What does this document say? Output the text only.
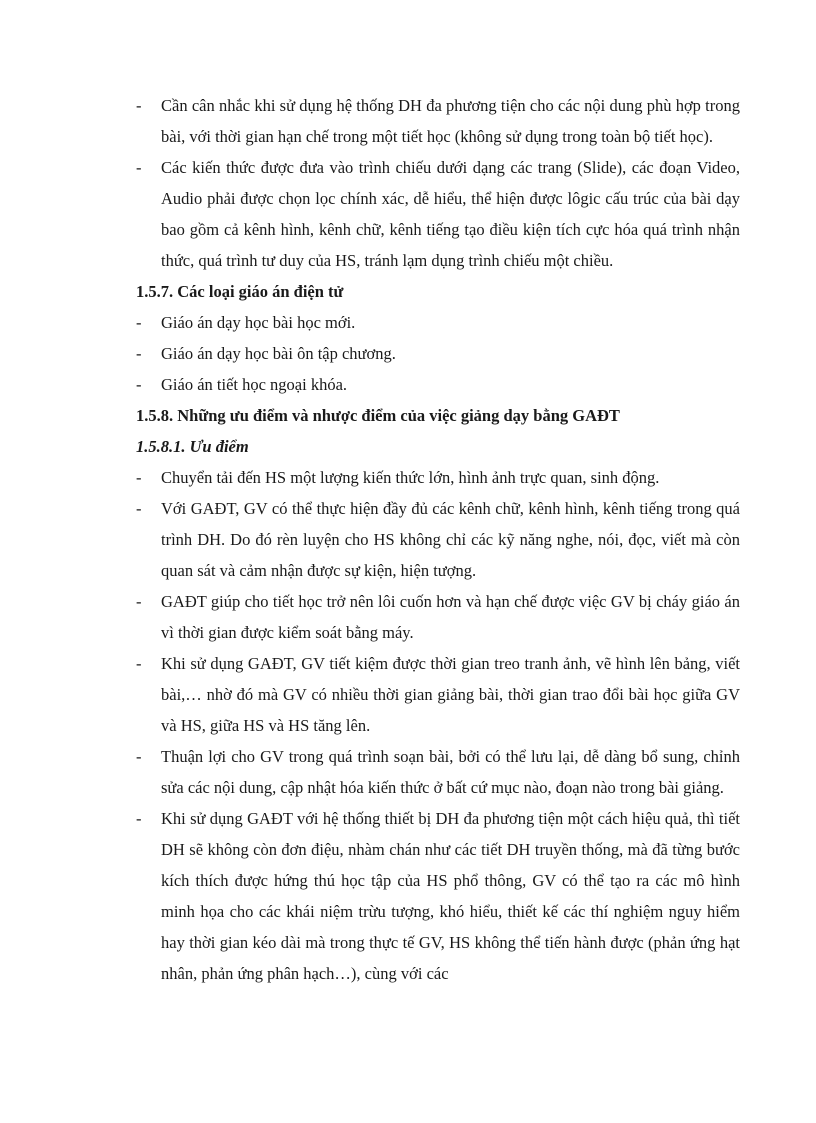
- Cần cân nhắc khi sử dụng hệ thống DH đa phương tiện cho các nội dung phù hợp trong bài, với thời gian hạn chế trong một tiết học (không sử dụng trong toàn bộ tiết học).
- Các kiến thức được đưa vào trình chiếu dưới dạng các trang (Slide), các đoạn Video, Audio phải được chọn lọc chính xác, dễ hiểu, thể hiện được lôgic cấu trúc của bài dạy bao gồm cả kênh hình, kênh chữ, kênh tiếng tạo điều kiện tích cực hóa quá trình nhận thức, quá trình tư duy của HS, tránh lạm dụng trình chiếu một chiều.
1.5.7. Các loại giáo án điện tử
- Giáo án dạy học bài học mới.
- Giáo án dạy học bài ôn tập chương.
- Giáo án tiết học ngoại khóa.
1.5.8. Những ưu điểm và nhược điểm của việc giảng dạy bằng GAĐT
1.5.8.1. Ưu điểm
- Chuyển tải đến HS một lượng kiến thức lớn, hình ảnh trực quan, sinh động.
- Với GAĐT, GV có thể thực hiện đầy đủ các kênh chữ, kênh hình, kênh tiếng trong quá trình DH. Do đó rèn luyện cho HS không chỉ các kỹ năng nghe, nói, đọc, viết mà còn quan sát và cảm nhận được sự kiện, hiện tượng.
- GAĐT giúp cho tiết học trở nên lôi cuốn hơn và hạn chế được việc GV bị cháy giáo án vì thời gian được kiểm soát bằng máy.
- Khi sử dụng GAĐT, GV tiết kiệm được thời gian treo tranh ảnh, vẽ hình lên bảng, viết bài,… nhờ đó mà GV có nhiều thời gian giảng bài, thời gian trao đổi bài học giữa GV và HS, giữa HS và HS tăng lên.
- Thuận lợi cho GV trong quá trình soạn bài, bởi có thể lưu lại, dễ dàng bổ sung, chỉnh sửa các nội dung, cập nhật hóa kiến thức ở bất cứ mục nào, đoạn nào trong bài giảng.
- Khi sử dụng GAĐT với hệ thống thiết bị DH đa phương tiện một cách hiệu quả, thì tiết DH sẽ không còn đơn điệu, nhàm chán như các tiết DH truyền thống, mà đã từng bước kích thích được hứng thú học tập của HS phổ thông, GV có thể tạo ra các mô hình minh họa cho các khái niệm trừu tượng, khó hiểu, thiết kế các thí nghiệm nguy hiểm hay thời gian kéo dài mà trong thực tế GV, HS không thể tiến hành được (phản ứng hạt nhân, phản ứng phân hạch…), cùng với các
